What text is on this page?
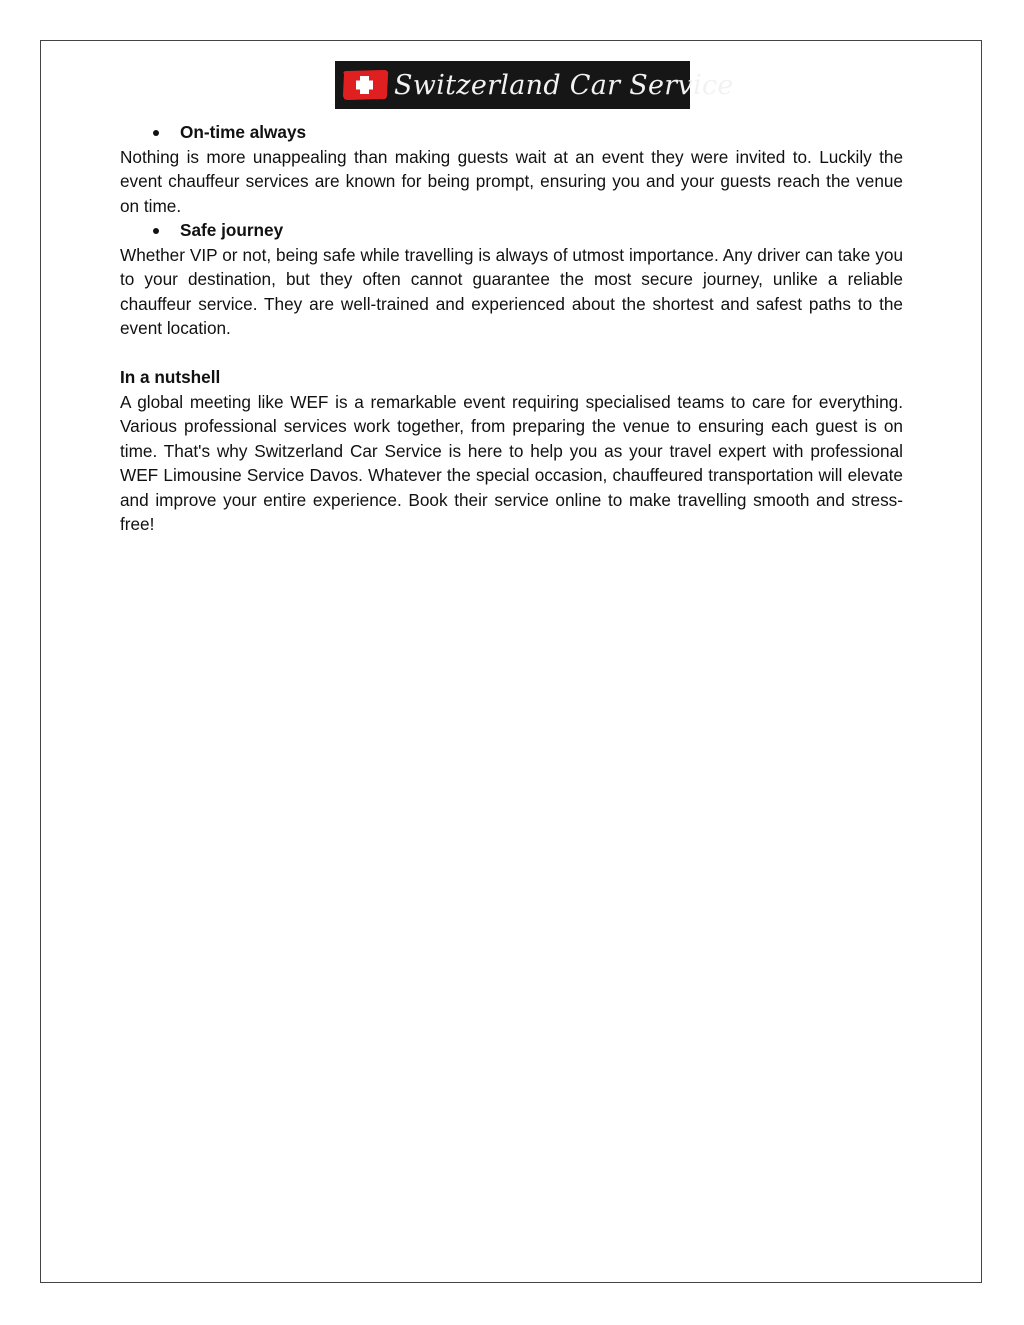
Switzerland Car Service
On-time always

Nothing is more unappealing than making guests wait at an event they were invited to. Luckily the event chauffeur services are known for being prompt, ensuring you and your guests reach the venue on time.

Safe journey

Whether VIP or not, being safe while travelling is always of utmost importance. Any driver can take you to your destination, but they often cannot guarantee the most secure journey, unlike a reliable chauffeur service. They are well-trained and experienced about the shortest and safest paths to the event location.

In a nutshell

A global meeting like WEF is a remarkable event requiring specialised teams to care for everything. Various professional services work together, from preparing the venue to ensuring each guest is on time. That's why Switzerland Car Service is here to help you as your travel expert with professional WEF Limousine Service Davos. Whatever the special occasion, chauffeured transportation will elevate and improve your entire experience. Book their service online to make travelling smooth and stress-free!
